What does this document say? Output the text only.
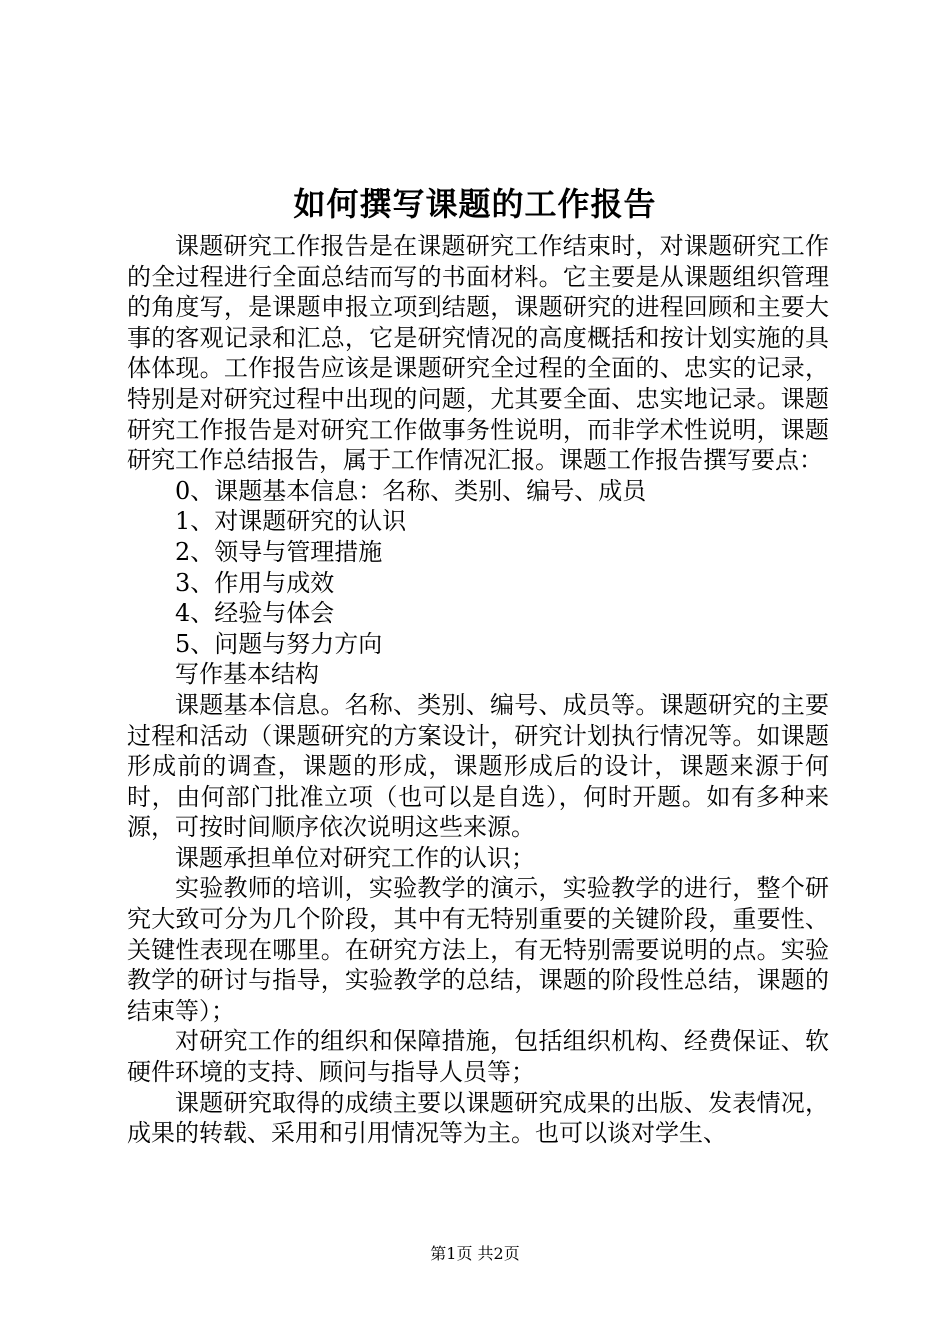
如何撰写课题的工作报告

课题研究工作报告是在课题研究工作结束时，对课题研究工作的全过程进行全面总结而写的书面材料。它主要是从课题组织管理的角度写，是课题申报立项到结题，课题研究的进程回顾和主要大事的客观记录和汇总，它是研究情况的高度概括和按计划实施的具体体现。工作报告应该是课题研究全过程的全面的、忠实的记录，特别是对研究过程中出现的问题，尤其要全面、忠实地记录。课题研究工作报告是对研究工作做事务性说明，而非学术性说明，课题研究工作总结报告，属于工作情况汇报。课题工作报告撰写要点：

0、课题基本信息：名称、类别、编号、成员

1、对课题研究的认识

2、领导与管理措施

3、作用与成效

4、经验与体会

5、问题与努力方向

写作基本结构

课题基本信息。名称、类别、编号、成员等。课题研究的主要过程和活动（课题研究的方案设计，研究计划执行情况等。如课题形成前的调查，课题的形成，课题形成后的设计，课题来源于何时，由何部门批准立项（也可以是自选），何时开题。如有多种来源，可按时间顺序依次说明这些来源。

课题承担单位对研究工作的认识；

实验教师的培训，实验教学的演示，实验教学的进行，整个研究大致可分为几个阶段，其中有无特别重要的关键阶段，重要性、关键性表现在哪里。在研究方法上，有无特别需要说明的点。实验教学的研讨与指导，实验教学的总结，课题的阶段性总结，课题的结束等）；

对研究工作的组织和保障措施，包括组织机构、经费保证、软硬件环境的支持、顾问与指导人员等；

课题研究取得的成绩主要以课题研究成果的出版、发表情况，成果的转载、采用和引用情况等为主。也可以谈对学生、

第1页 共2页
